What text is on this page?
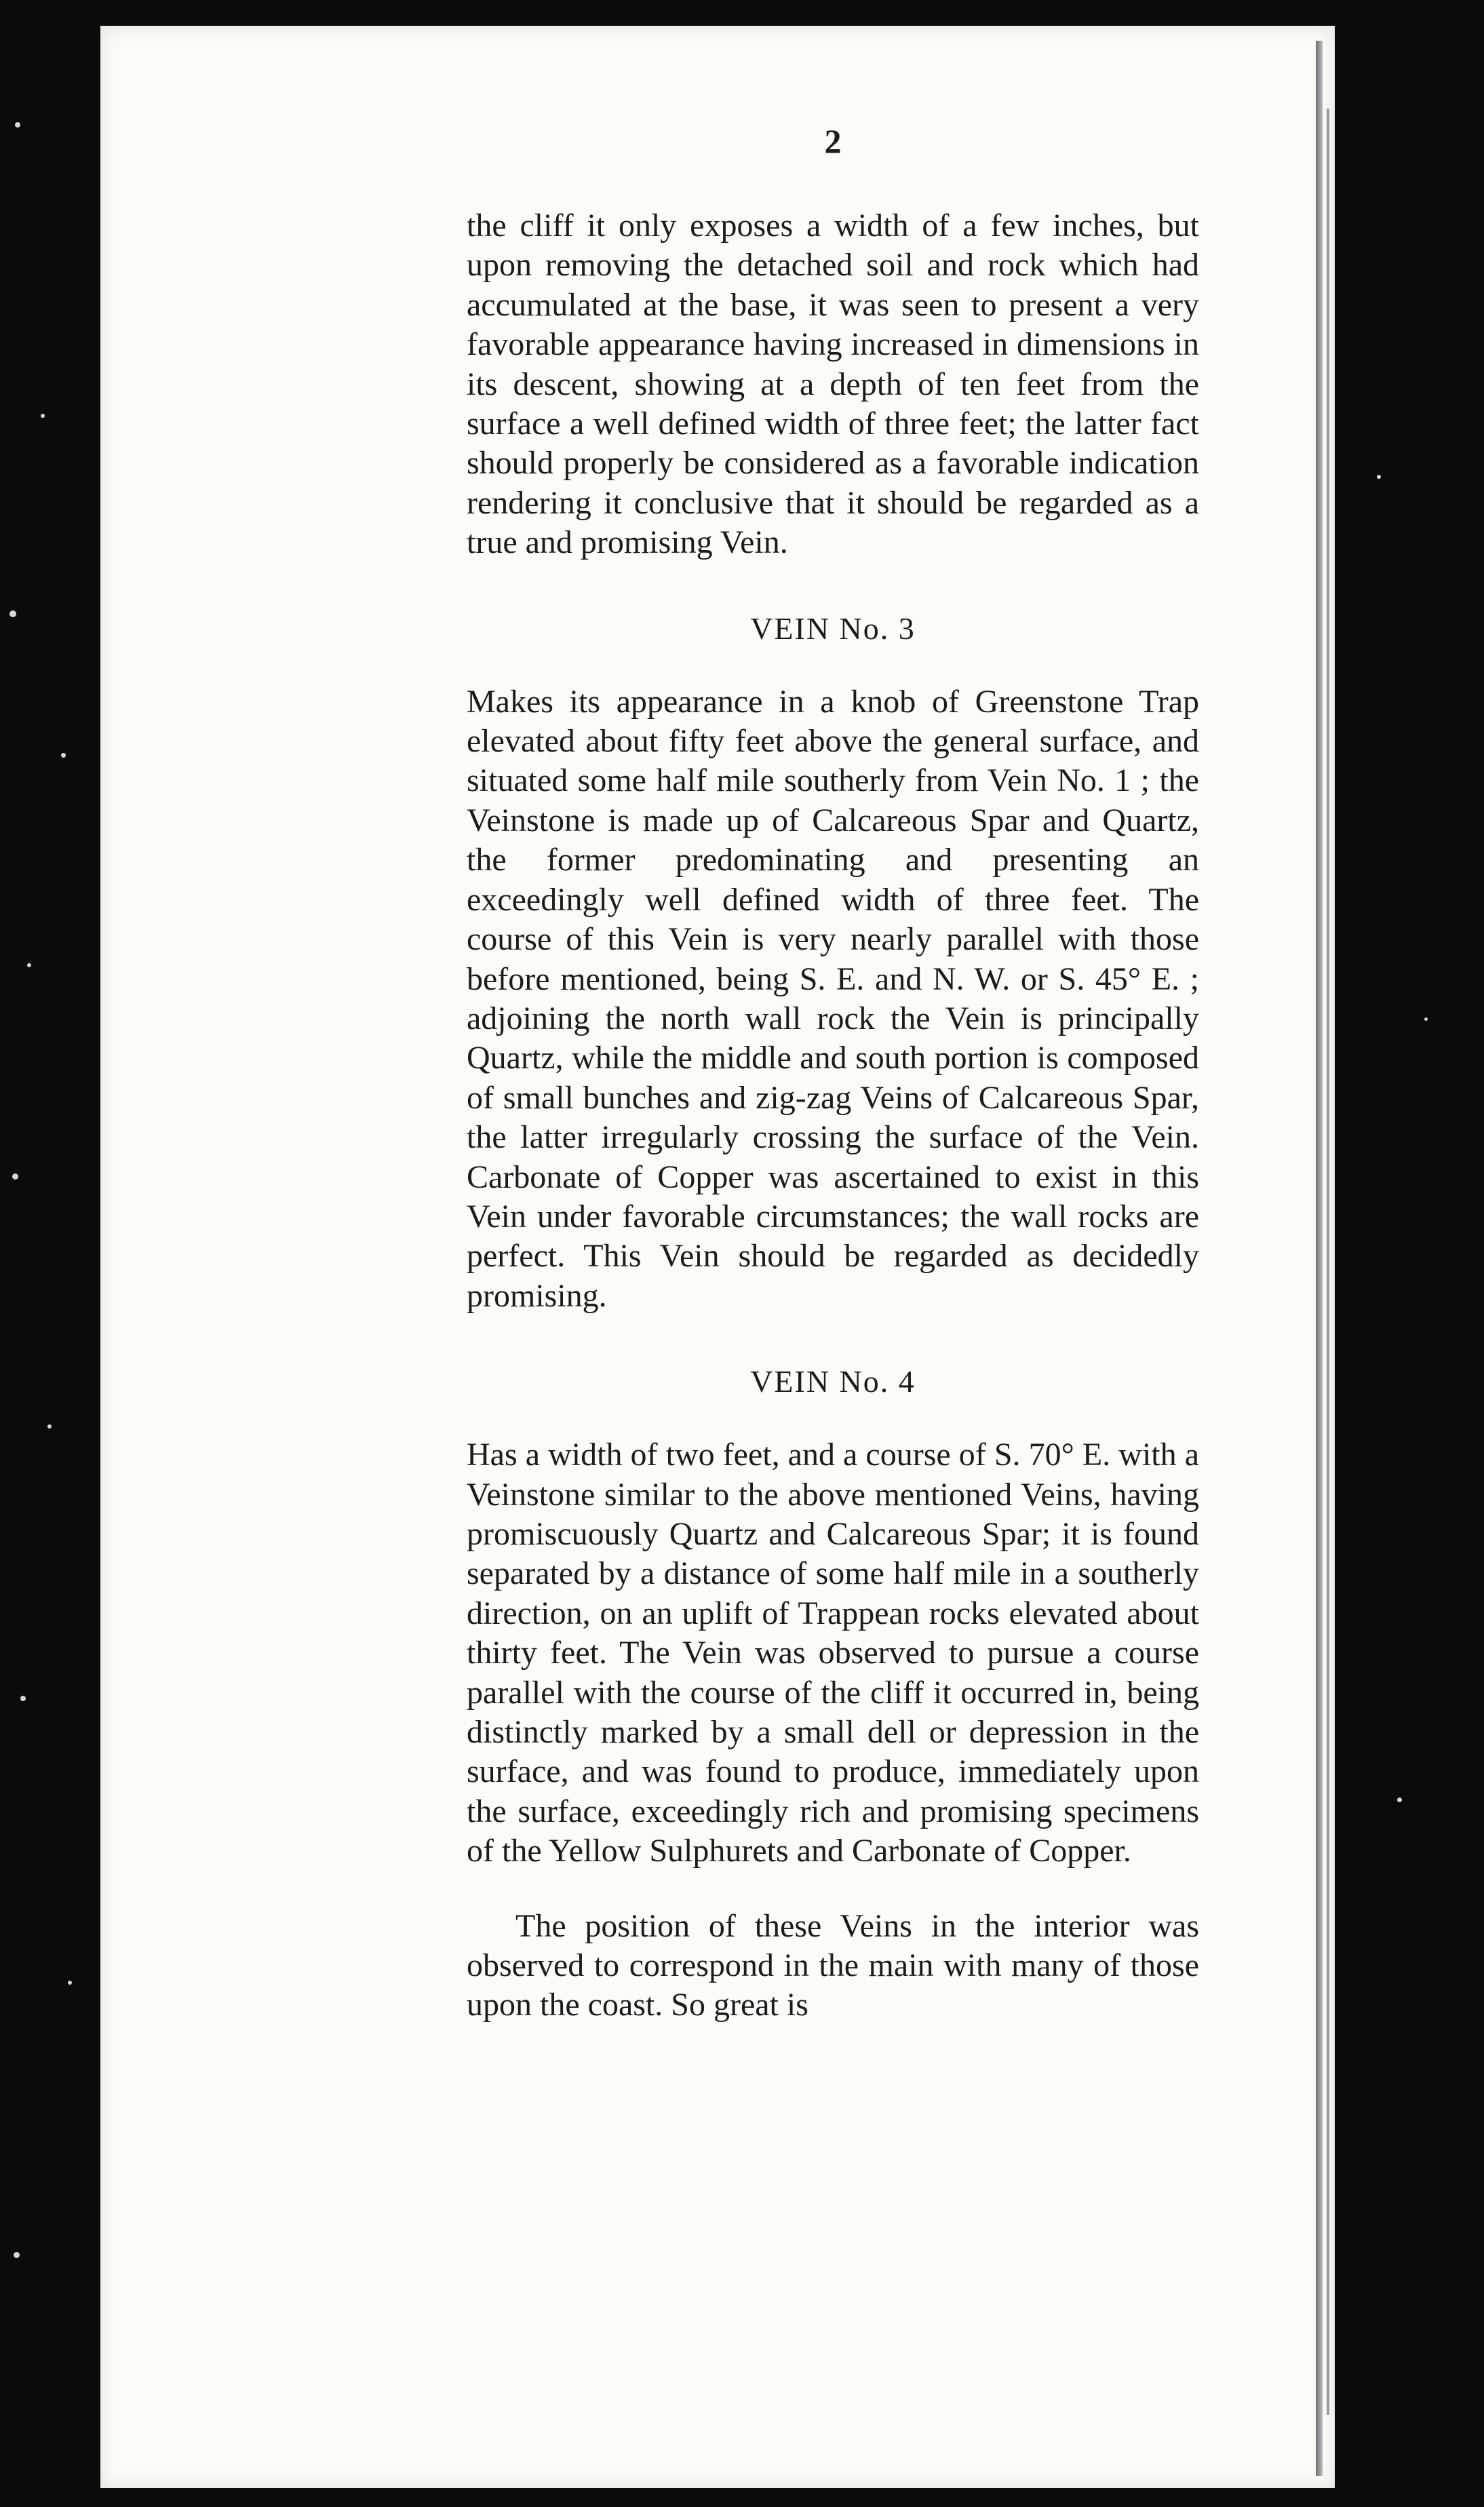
2

the cliff it only exposes a width of a few inches, but upon removing the detached soil and rock which had accumulated at the base, it was seen to present a very favorable appearance having increased in dimensions in its descent, showing at a depth of ten feet from the surface a well defined width of three feet; the latter fact should properly be considered as a favorable indication rendering it conclusive that it should be regarded as a true and promising Vein.

VEIN No. 3

Makes its appearance in a knob of Greenstone Trap elevated about fifty feet above the general surface, and situated some half mile southerly from Vein No. 1 ; the Veinstone is made up of Calcareous Spar and Quartz, the former predominating and presenting an exceedingly well defined width of three feet. The course of this Vein is very nearly parallel with those before mentioned, being S. E. and N. W. or S. 45° E. ; adjoining the north wall rock the Vein is principally Quartz, while the middle and south portion is composed of small bunches and zig-zag Veins of Calcareous Spar, the latter irregularly crossing the surface of the Vein. Carbonate of Copper was ascertained to exist in this Vein under favorable circumstances; the wall rocks are perfect. This Vein should be regarded as decidedly promising.

VEIN No. 4

Has a width of two feet, and a course of S. 70° E. with a Veinstone similar to the above mentioned Veins, having promiscuously Quartz and Calcareous Spar; it is found separated by a distance of some half mile in a southerly direction, on an uplift of Trappean rocks elevated about thirty feet. The Vein was observed to pursue a course parallel with the course of the cliff it occurred in, being distinctly marked by a small dell or depression in the surface, and was found to produce, immediately upon the surface, exceedingly rich and promising specimens of the Yellow Sulphurets and Carbonate of Copper.

The position of these Veins in the interior was observed to correspond in the main with many of those upon the coast. So great is
